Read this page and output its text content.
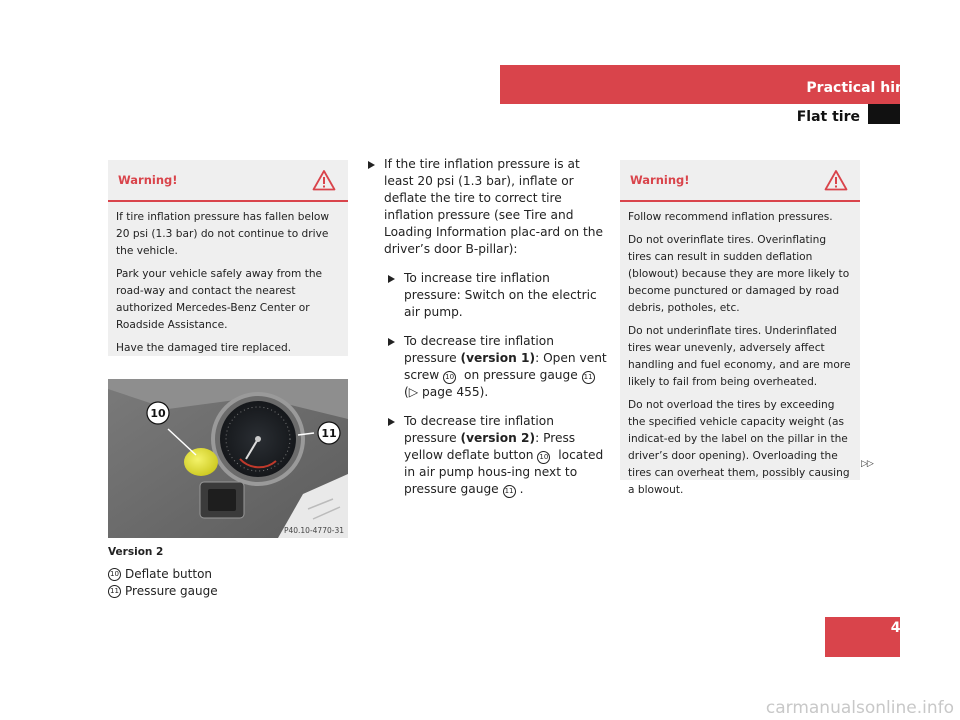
Practical hints
Flat tire
Warning!

If tire inflation pressure has fallen below 20 psi (1.3 bar) do not continue to drive the vehicle.

Park your vehicle safely away from the road-way and contact the nearest authorized Mercedes-Benz Center or Roadside Assistance.

Have the damaged tire replaced.

10
11
P40.10-4770-31
Version 2
10 Deflate button
11 Pressure gauge
If the tire inflation pressure is at least 20 psi (1.3 bar), inflate or deflate the tire to correct tire inflation pressure (see Tire and Loading Information plac-ard on the driver’s door B-pillar):
To increase tire inflation pressure: Switch on the electric air pump.
To decrease tire inflation pressure (version 1): Open vent screw 10 on pressure gauge 11
(▷ page 455).
To decrease tire inflation pressure (version 2): Press yellow deflate button 10 located in air pump hous-ing next to pressure gauge 11 .
Warning!

Follow recommend inflation pressures.

Do not overinflate tires. Overinflating tires can result in sudden deflation (blowout) because they are more likely to become punctured or damaged by road debris, potholes, etc.

Do not underinflate tires. Underinflated tires wear unevenly, adversely affect handling and fuel economy, and are more likely to fail from being overheated.

Do not overload the tires by exceeding the specified vehicle capacity weight (as indicat-ed by the label on the pillar in the driver’s door opening). Overloading the tires can overheat them, possibly causing a blowout.

▷▷
457
carmanualsonline.info
